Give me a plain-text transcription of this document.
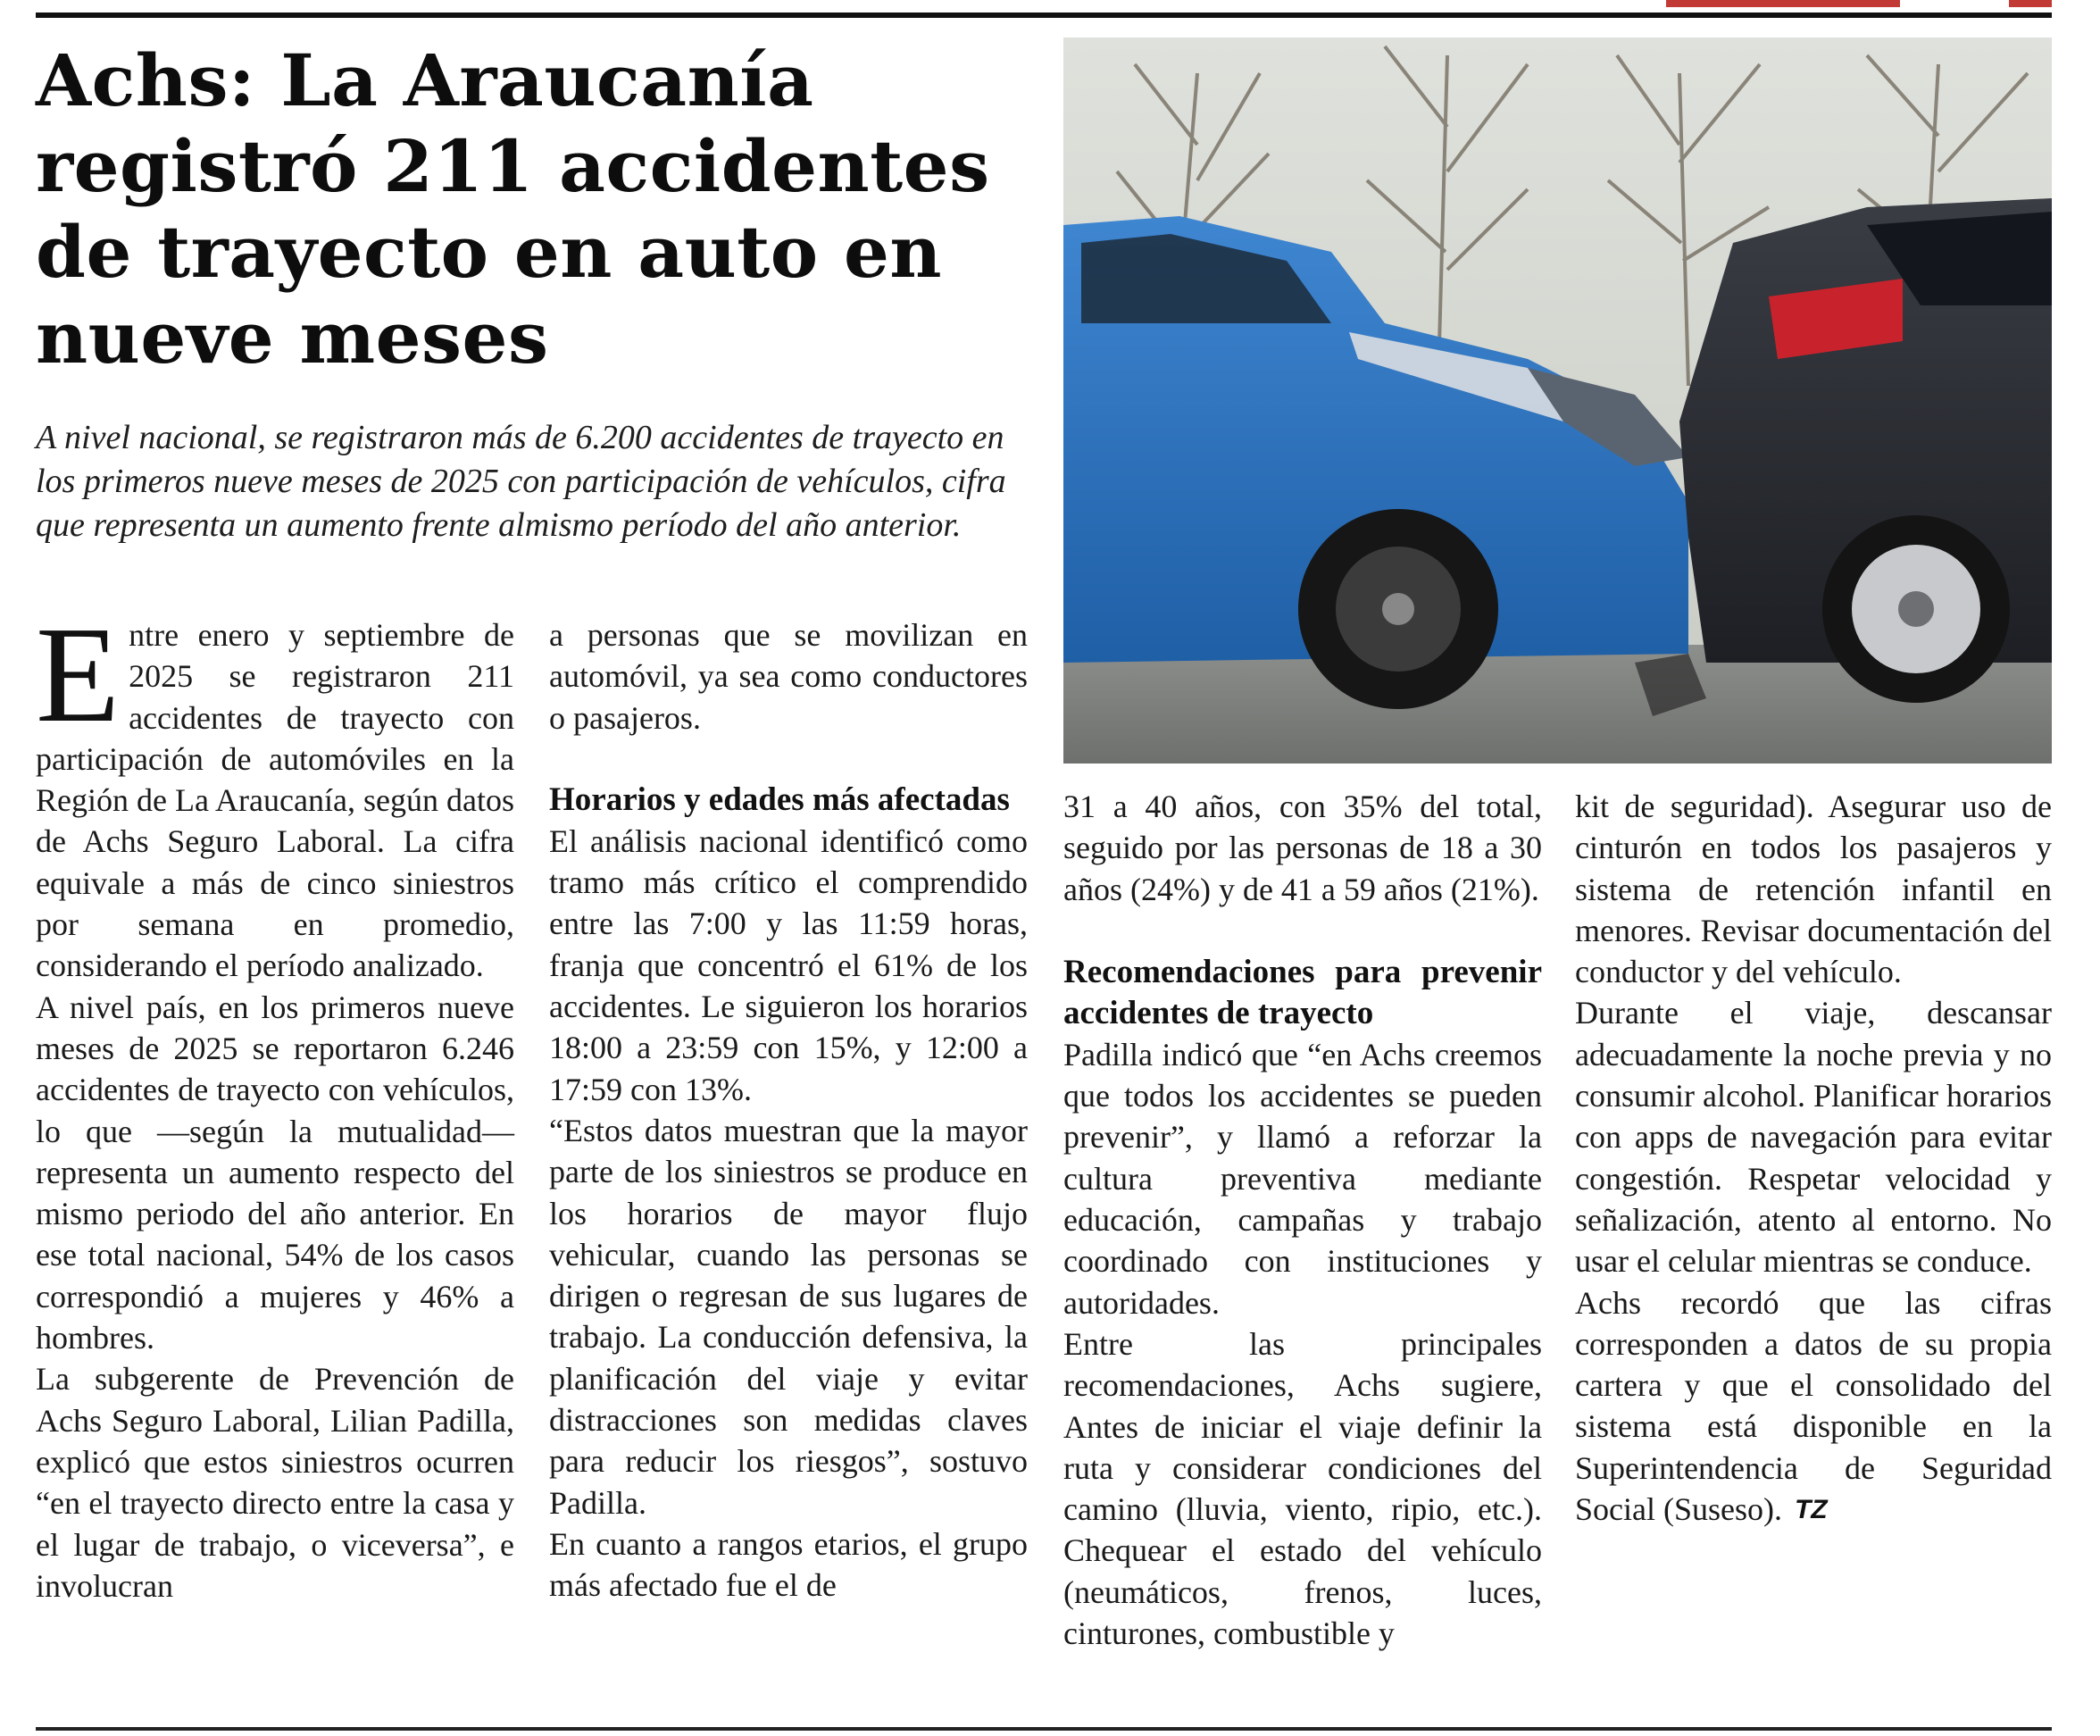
Achs: La Araucanía registró 211 accidentes de trayecto en auto en nueve meses

A nivel nacional, se registraron más de 6.200 accidentes de trayecto en los primeros nueve meses de 2025 con participación de vehículos, cifra que representa un aumento frente almismo período del año anterior.

Entre enero y septiembre de 2025 se registraron 211 accidentes de trayecto con participación de automóviles en la Región de La Araucanía, según datos de Achs Seguro Laboral. La cifra equivale a más de cinco siniestros por semana en promedio, considerando el período analizado.

A nivel país, en los primeros nueve meses de 2025 se reportaron 6.246 accidentes de trayecto con vehículos, lo que —según la mutualidad— representa un aumento respecto del mismo periodo del año anterior. En ese total nacional, 54% de los casos correspondió a mujeres y 46% a hombres.

La subgerente de Prevención de Achs Seguro Laboral, Lilian Padilla, explicó que estos siniestros ocurren “en el trayecto directo entre la casa y el lugar de trabajo, o viceversa”, e involucran

a personas que se movilizan en automóvil, ya sea como conductores o pasajeros.

Horarios y edades más afectadas

El análisis nacional identificó como tramo más crítico el comprendido entre las 7:00 y las 11:59 horas, franja que concentró el 61% de los accidentes. Le siguieron los horarios 18:00 a 23:59 con 15%, y 12:00 a 17:59 con 13%.

“Estos datos muestran que la mayor parte de los siniestros se produce en los horarios de mayor flujo vehicular, cuando las personas se dirigen o regresan de sus lugares de trabajo. La conducción defensiva, la planificación del viaje y evitar distracciones son medidas claves para reducir los riesgos”, sostuvo Padilla.

En cuanto a rangos etarios, el grupo más afectado fue el de

31 a 40 años, con 35% del total, seguido por las personas de 18 a 30 años (24%) y de 41 a 59 años (21%).

Recomendaciones para prevenir accidentes de trayecto

Padilla indicó que “en Achs creemos que todos los accidentes se pueden prevenir”, y llamó a reforzar la cultura preventiva mediante educación, campañas y trabajo coordinado con instituciones y autoridades.

Entre las principales recomendaciones, Achs sugiere, Antes de iniciar el viaje definir la ruta y considerar condiciones del camino (lluvia, viento, ripio, etc.). Chequear el estado del vehículo (neumáticos, frenos, luces, cinturones, combustible y

kit de seguridad). Asegurar uso de cinturón en todos los pasajeros y sistema de retención infantil en menores. Revisar documentación del conductor y del vehículo.

Durante el viaje, descansar adecuadamente la noche previa y no consumir alcohol. Planificar horarios con apps de navegación para evitar congestión. Respetar velocidad y señalización, atento al entorno. No usar el celular mientras se conduce.

Achs recordó que las cifras corresponden a datos de su propia cartera y que el consolidado del sistema está disponible en la Superintendencia de Seguridad Social (Suseso). TZ
